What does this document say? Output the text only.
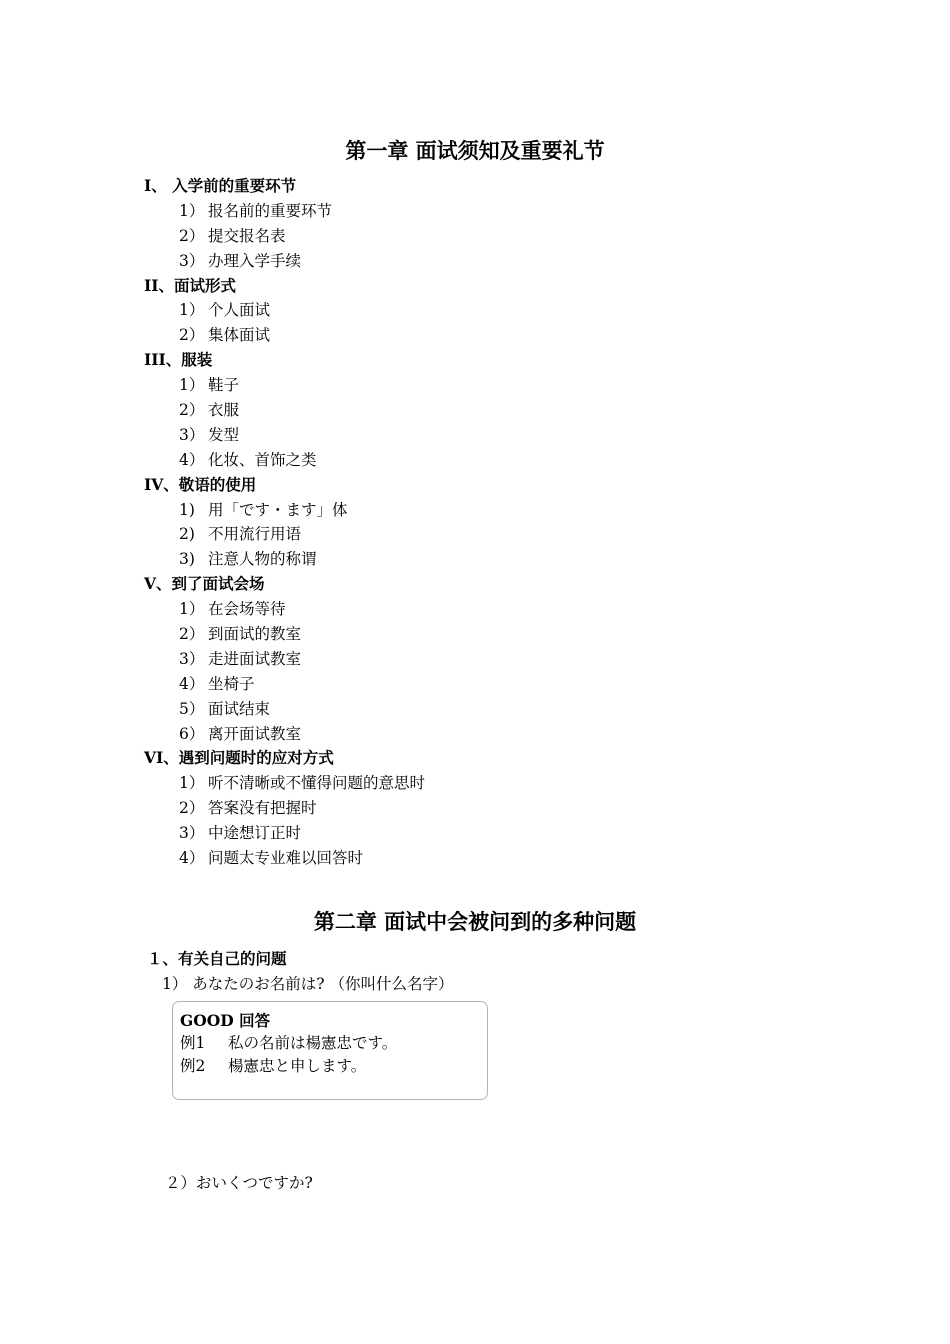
第一章 面试须知及重要礼节
I、 入学前的重要环节
1） 报名前的重要环节
2） 提交报名表
3） 办理入学手续
II、面试形式
1） 个人面试
2） 集体面试
III、服装
1） 鞋子
2） 衣服
3） 发型
4） 化妆、首饰之类
IV、敬语的使用
1) 用「です・ます」体
2) 不用流行用语
3) 注意人物的称谓
V、到了面试会场
1） 在会场等待
2） 到面试的教室
3） 走进面试教室
4） 坐椅子
5） 面试结束
6） 离开面试教室
VI、遇到问题时的应对方式
1） 听不清晰或不懂得问题的意思时
2） 答案没有把握时
3） 中途想订正时
4） 问题太专业难以回答时
第二章 面试中会被问到的多种问题
１、有关自己的问题
1） あなたのお名前は? （你叫什么名字）
GOOD 回答
例1 私の名前は楊憲忠です。
例2 楊憲忠と申します。
２）おいくつですか?
